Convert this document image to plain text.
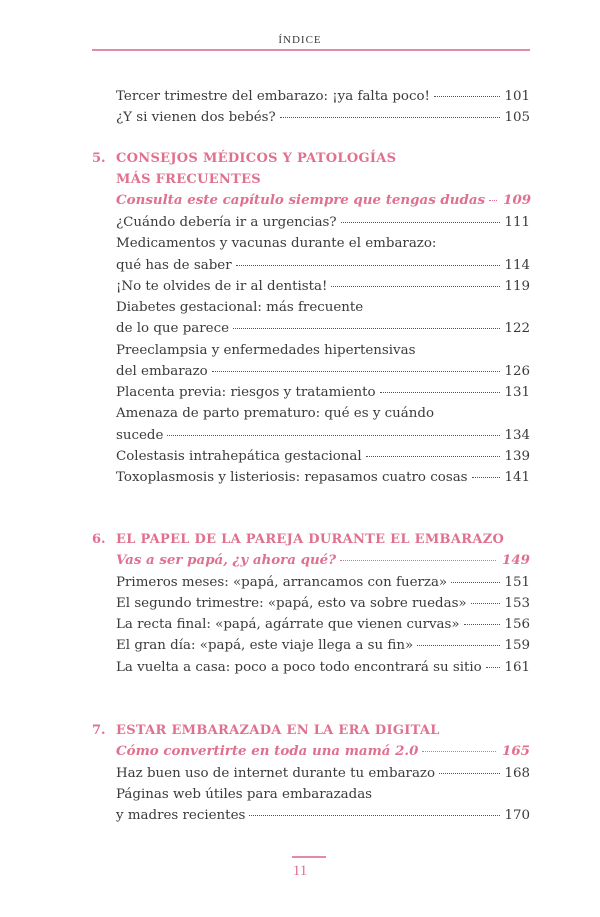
ÍNDICE
Tercer trimestre del embarazo: ¡ya falta poco!	101
¿Y si vienen dos bebés?	105
5. CONSEJOS MÉDICOS Y PATOLOGÍAS
MÁS FRECUENTES
Consulta este capítulo siempre que tengas dudas 109
¿Cuándo debería ir a urgencias?	111
Medicamentos y vacunas durante el embarazo:
qué has de saber	114
¡No te olvides de ir al dentista!	119
Diabetes gestacional: más frecuente
de lo que parece	122
Preeclampsia y enfermedades hipertensivas
del embarazo	126
Placenta previa: riesgos y tratamiento	131
Amenaza de parto prematuro: qué es y cuándo
sucede	134
Colestasis intrahepática gestacional	139
Toxoplasmosis y listeriosis: repasamos cuatro cosas	141
6. EL PAPEL DE LA PAREJA DURANTE EL EMBARAZO
Vas a ser papá, ¿y ahora qué?	149
Primeros meses: «papá, arrancamos con fuerza»	151
El segundo trimestre: «papá, esto va sobre ruedas»	153
La recta final: «papá, agárrate que vienen curvas»	156
El gran día: «papá, este viaje llega a su fin»	159
La vuelta a casa: poco a poco todo encontrará su sitio 161
7. ESTAR EMBARAZADA EN LA ERA DIGITAL
Cómo convertirte en toda una mamá 2.0	165
Haz buen uso de internet durante tu embarazo	168
Páginas web útiles para embarazadas
y madres recientes	170
11
